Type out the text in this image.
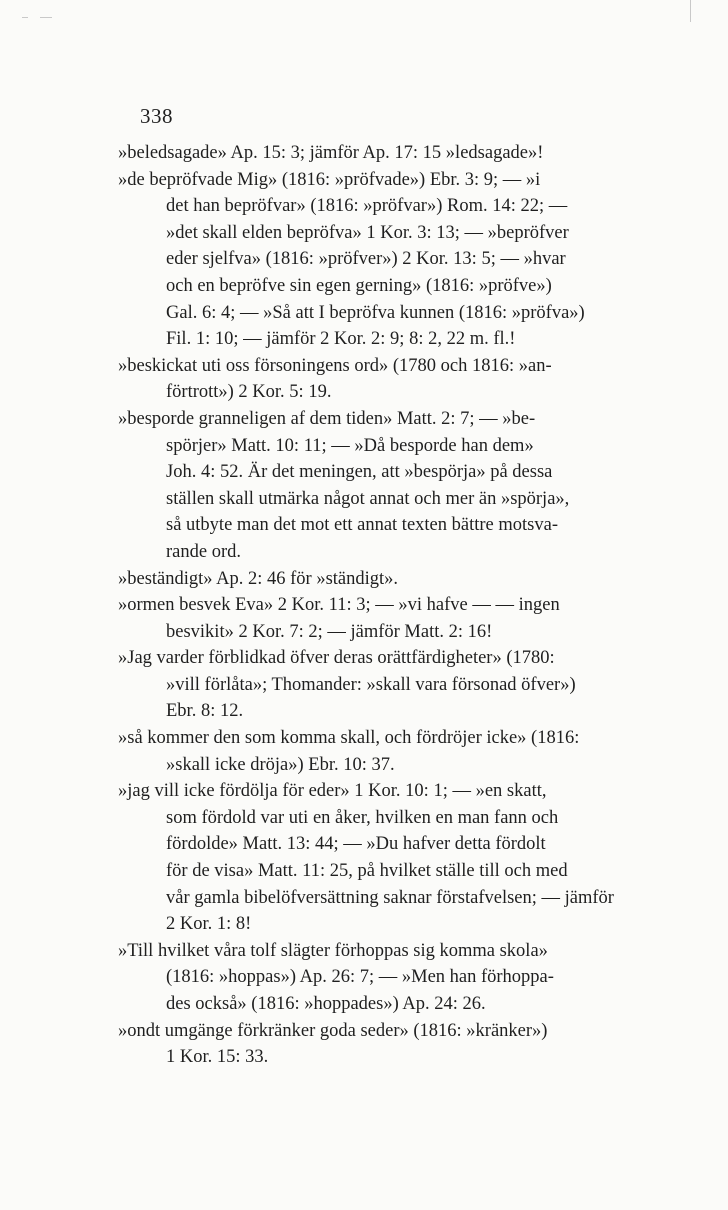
338

»beledsagade» Ap. 15: 3; jämför Ap. 17: 15 »ledsagade»!

»de bepröfvade Mig» (1816: »pröfvade») Ebr. 3: 9; — »i
det han bepröfvar» (1816: »pröfvar») Rom. 14: 22; —
»det skall elden bepröfva» 1 Kor. 3: 13; — »bepröfver
eder sjelfva» (1816: »pröfver») 2 Kor. 13: 5; — »hvar
och en bepröfve sin egen gerning» (1816: »pröfve»)
Gal. 6: 4; — »Så att I bepröfva kunnen (1816: »pröfva»)
Fil. 1: 10; — jämför 2 Kor. 2: 9; 8: 2, 22 m. fl.!

»beskickat uti oss försoningens ord» (1780 och 1816: »an-
förtrott») 2 Kor. 5: 19.

»besporde granneligen af dem tiden» Matt. 2: 7; — »be-
spörjer» Matt. 10: 11; — »Då besporde han dem»
Joh. 4: 52. Är det meningen, att »bespörja» på dessa
ställen skall utmärka något annat och mer än »spörja»,
så utbyte man det mot ett annat texten bättre motsva-
rande ord.

»beständigt» Ap. 2: 46 för »ständigt».

»ormen besvek Eva» 2 Kor. 11: 3; — »vi hafve — — ingen
besvikit» 2 Kor. 7: 2; — jämför Matt. 2: 16!

»Jag varder förblidkad öfver deras orättfärdigheter» (1780:
»vill förlåta»; Thomander: »skall vara försonad öfver»)
Ebr. 8: 12.

»så kommer den som komma skall, och fördröjer icke» (1816:
»skall icke dröja») Ebr. 10: 37.

»jag vill icke fördölja för eder» 1 Kor. 10: 1; — »en skatt,
som fördold var uti en åker, hvilken en man fann och
fördolde» Matt. 13: 44; — »Du hafver detta fördolt
för de visa» Matt. 11: 25, på hvilket ställe till och med
vår gamla bibelöfversättning saknar förstafvelsen; — jämför
2 Kor. 1: 8!

»Till hvilket våra tolf slägter förhoppas sig komma skola»
(1816: »hoppas») Ap. 26: 7; — »Men han förhoppa-
des också» (1816: »hoppades») Ap. 24: 26.

»ondt umgänge förkränker goda seder» (1816: »kränker»)
1 Kor. 15: 33.
